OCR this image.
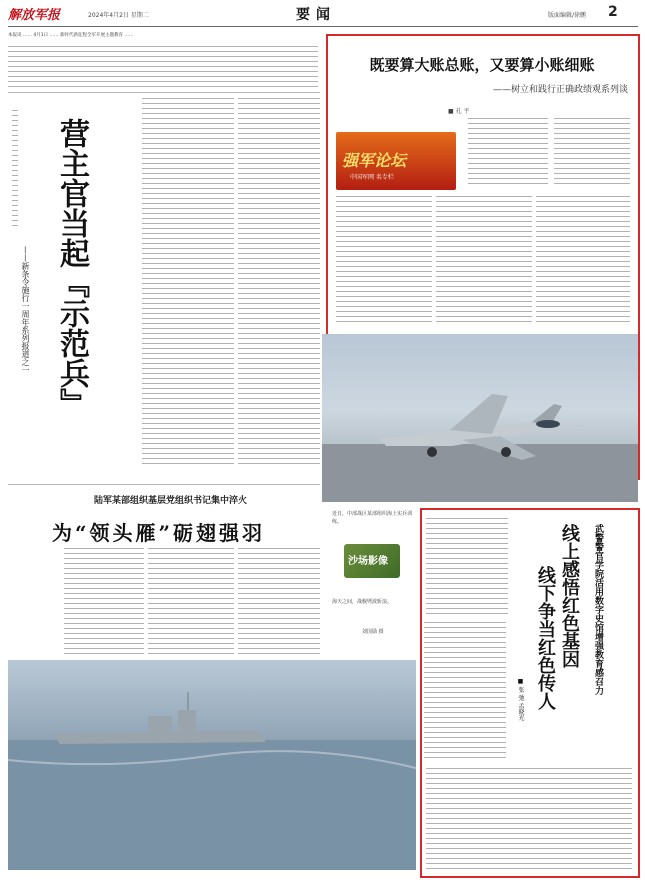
解放军报	2024年4月2日 星期二	要闻	版面编辑/徐鹏 2
本报讯 …… 4月1日 …… 新时代新征程全军开展主题教育 ……
既要算大账总账，又要算小账细账
——树立和践行正确政绩观系列谈
■ 孔 平
强军论坛
中国军网 名专栏
营主官当起『示范兵』
——新条令施行一周年系列报道之一
陆军某部组织基层党组织书记集中淬火
为“领头雁”砺翅强羽
近日，中部战区某部组织海上实兵训练。
沙场影像
海天之间，战舰劈波斩浪。
刘国勋 摄	武警警官学院活用数字史馆增强教育感召力
线上感悟红色基因
线下争当红色传人
■ 张 弛 孟晓光
